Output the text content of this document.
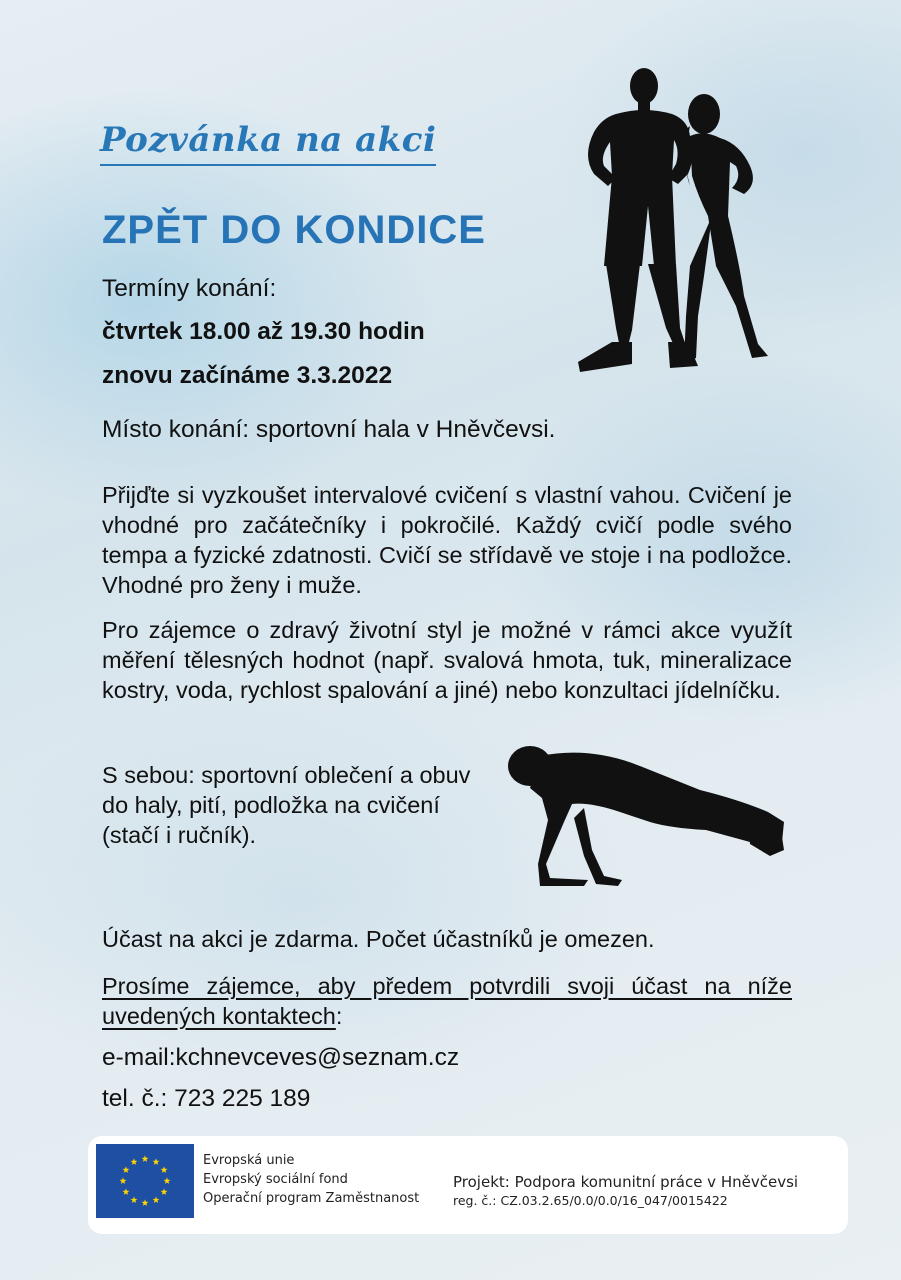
Pozvánka na akci
ZPĚT DO KONDICE

Termíny konání:

čtvrtek 18.00 až 19.30 hodin

znovu začínáme 3.3.2022

Místo konání: sportovní hala v Hněvčevsi.

Přijďte si vyzkoušet intervalové cvičení s vlastní vahou. Cvičení je vhodné pro začátečníky i pokročilé. Každý cvičí podle svého tempa a fyzické zdatnosti. Cvičí se střídavě ve stoje i na podložce. Vhodné pro ženy i muže.

Pro zájemce o zdravý životní styl je možné v rámci akce využít měření tělesných hodnot (např. svalová hmota, tuk, mineralizace kostry, voda, rychlost spalování a jiné) nebo konzultaci jídelníčku.

S sebou: sportovní oblečení a obuv do haly, pití, podložka na cvičení (stačí i ručník).

Účast na akci je zdarma. Počet účastníků je omezen.

Prosíme zájemce, aby předem potvrdili svoji účast na níže uvedených kontaktech:

e-mail:kchnevceves@seznam.cz

tel. č.: 723 225 189

Evropská unie
Evropský sociální fond
Operační program Zaměstnanost
Projekt: Podpora komunitní práce v Hněvčevsi
reg. č.: CZ.03.2.65/0.0/0.0/16_047/0015422
